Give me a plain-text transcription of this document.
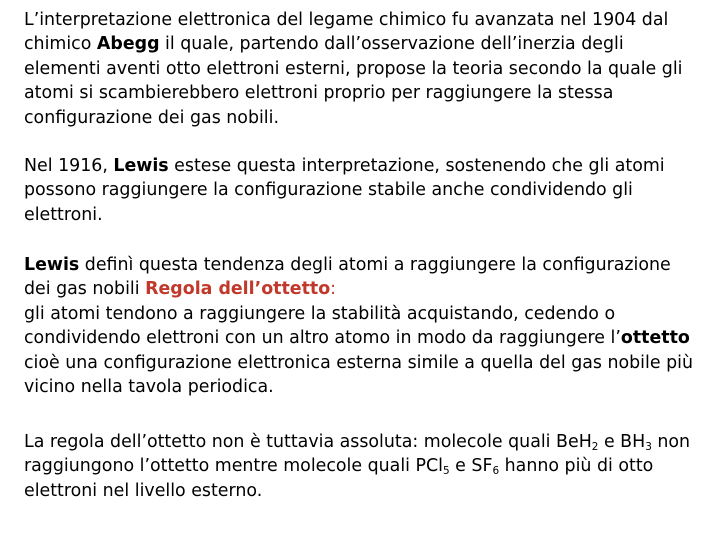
L’interpretazione elettronica del legame chimico fu avanzata nel 1904 dal chimico Abegg il quale, partendo dall’osservazione dell’inerzia degli elementi aventi otto elettroni esterni, propose la teoria secondo la quale gli atomi si scambierebbero elettroni proprio per raggiungere la stessa configurazione dei gas nobili.

Nel 1916, Lewis estese questa interpretazione, sostenendo che gli atomi possono raggiungere la configurazione stabile anche condividendo gli elettroni.

Lewis definì questa tendenza degli atomi a raggiungere la configurazione dei gas nobili Regola dell’ottetto:
gli atomi tendono a raggiungere la stabilità acquistando, cedendo o condividendo elettroni con un altro atomo in modo da raggiungere l’ottetto cioè una configurazione elettronica esterna simile a quella del gas nobile più vicino nella tavola periodica.

La regola dell’ottetto non è tuttavia assoluta: molecole quali BeH$_2$ e $BH_3$ non raggiungono l’ottetto mentre molecole quali PCl$_5$ e $SF_6$ hanno più di otto elettroni nel livello esterno.
